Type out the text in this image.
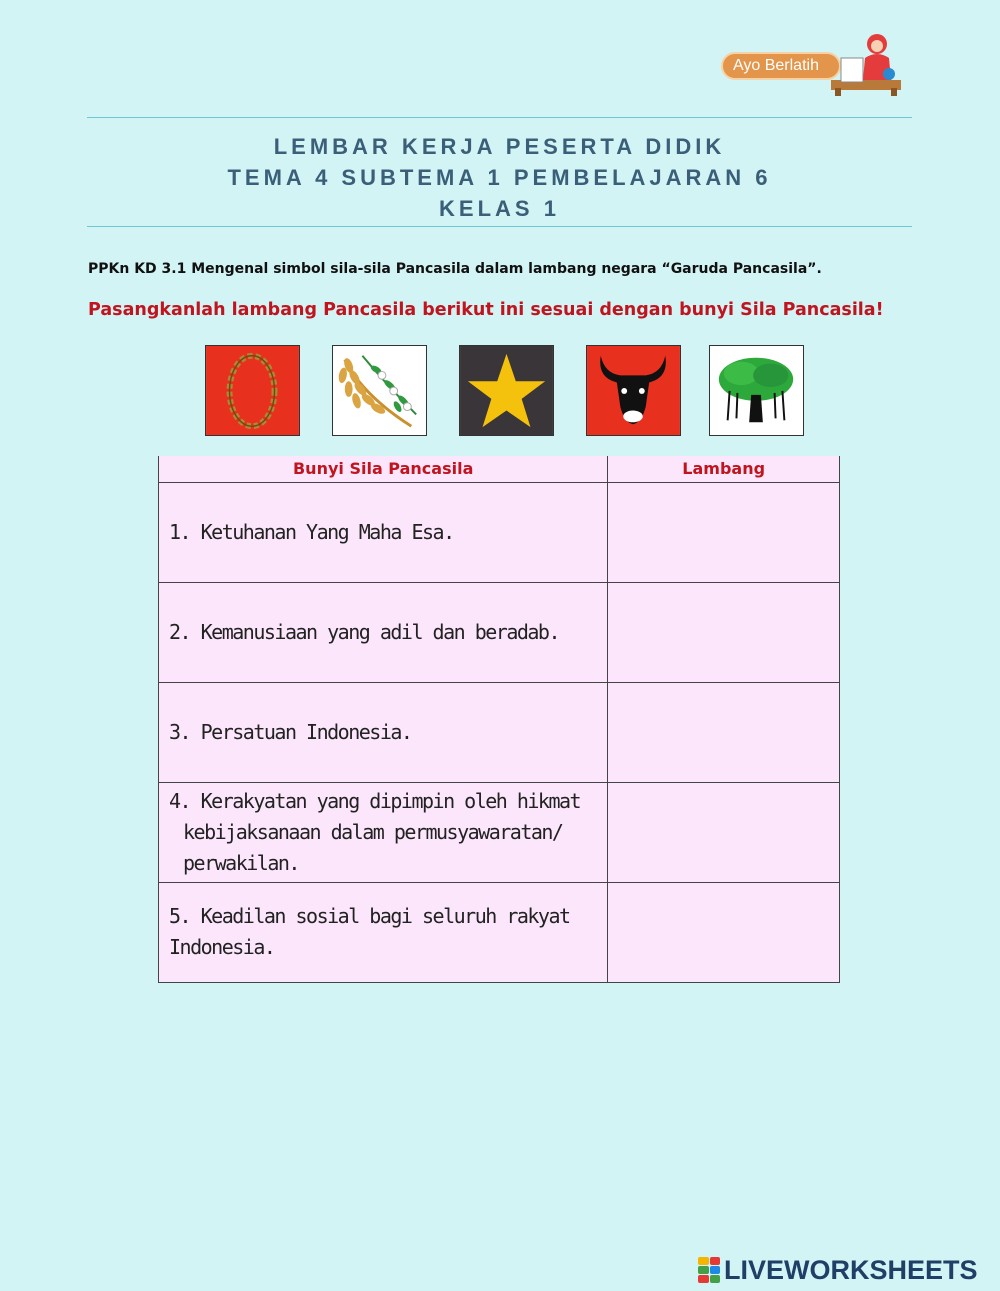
Ayo Berlatih
LEMBAR KERJA PESERTA DIDIK
TEMA 4 SUBTEMA 1 PEMBELAJARAN 6
KELAS 1
PPKn KD 3.1 Mengenal simbol sila-sila Pancasila dalam lambang negara “Garuda Pancasila”.
Pasangkanlah lambang Pancasila berikut ini sesuai dengan bunyi Sila Pancasila!
Bunyi Sila Pancasila	Lambang

1. Ketuhanan Yang Maha Esa.	

2. Kemanusiaan yang adil dan beradab.	

3. Persatuan Indonesia.	

4. Kerakyatan yang dipimpin oleh hikmat
kebijaksanaan dalam permusyawaratan/
perwakilan.	

5. Keadilan sosial bagi seluruh rakyat Indonesia.	

LIVEWORKSHEETS
